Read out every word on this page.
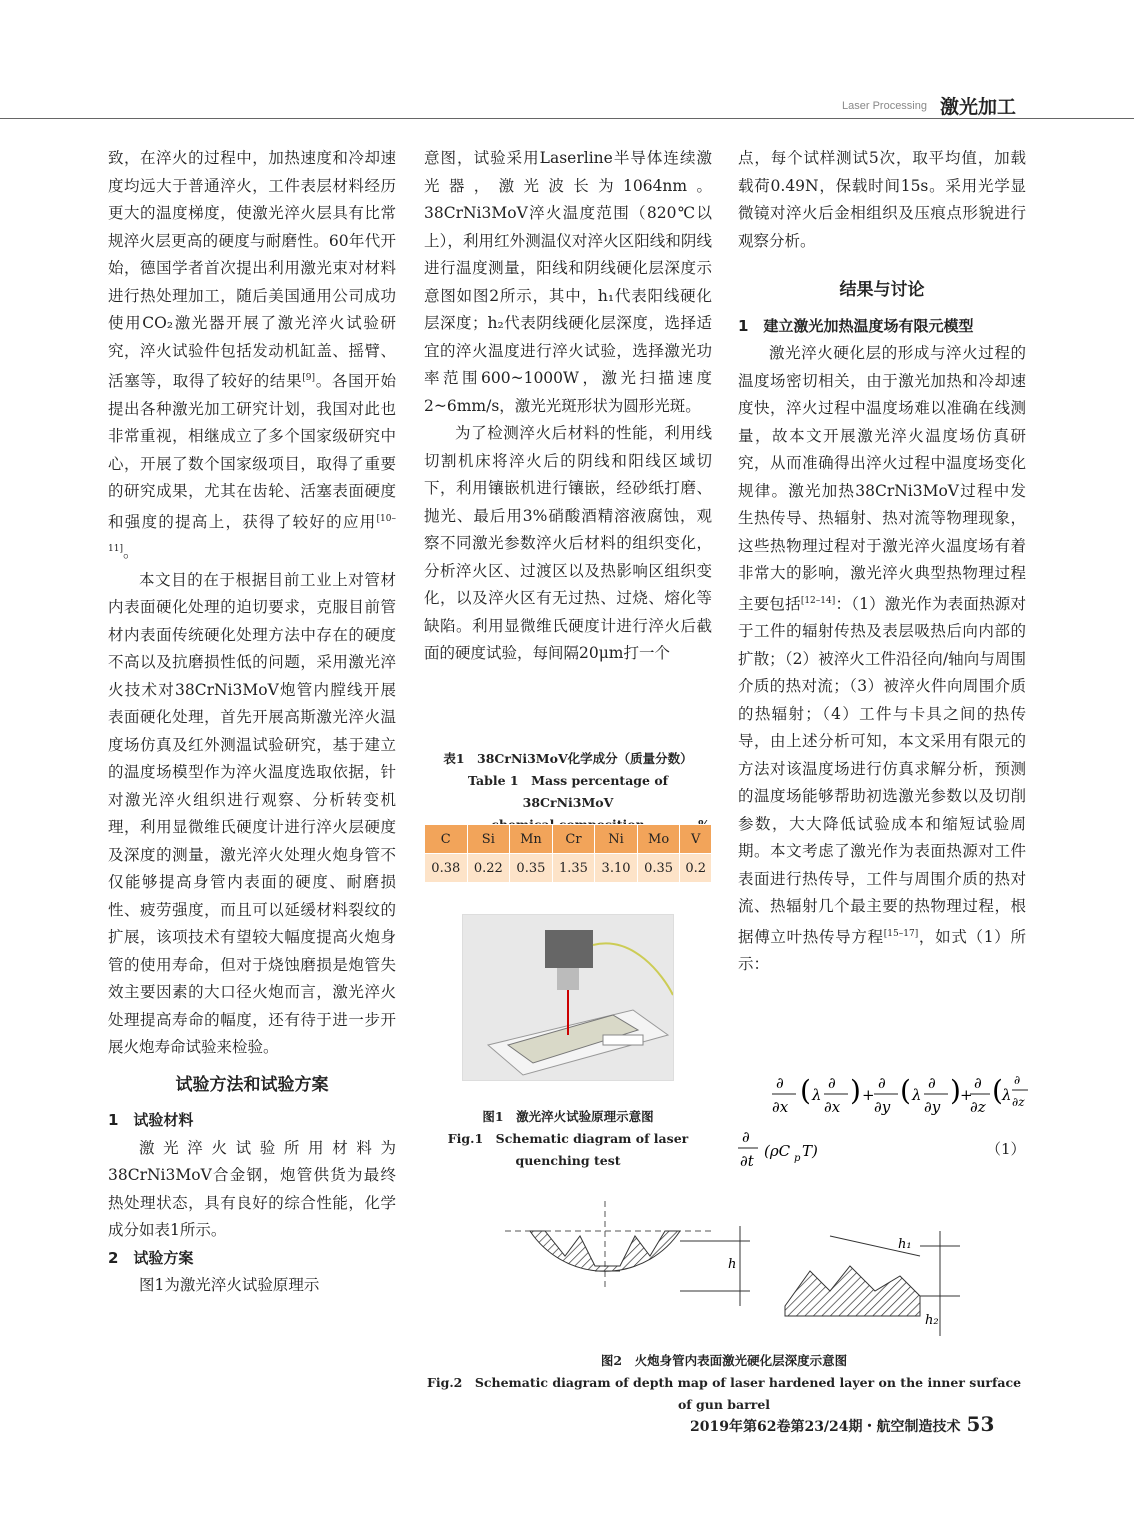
Laser Processing 激光加工

致，在淬火的过程中，加热速度和冷却速度均远大于普通淬火，工件表层材料经历更大的温度梯度，使激光淬火层具有比常规淬火层更高的硬度与耐磨性。60年代开始，德国学者首次提出利用激光束对材料进行热处理加工，随后美国通用公司成功使用CO₂激光器开展了激光淬火试验研究，淬火试验件包括发动机缸盖、摇臂、活塞等，取得了较好的结果[9]。各国开始提出各种激光加工研究计划，我国对此也非常重视，相继成立了多个国家级研究中心，开展了数个国家级项目，取得了重要的研究成果，尤其在齿轮、活塞表面硬度和强度的提高上，获得了较好的应用[10–11]。

本文目的在于根据目前工业上对管材内表面硬化处理的迫切要求，克服目前管材内表面传统硬化处理方法中存在的硬度不高以及抗磨损性低的问题，采用激光淬火技术对38CrNi3MoV炮管内膛线开展表面硬化处理，首先开展高斯激光淬火温度场仿真及红外测温试验研究，基于建立的温度场模型作为淬火温度选取依据，针对激光淬火组织进行观察、分析转变机理，利用显微维氏硬度计进行淬火层硬度及深度的测量，激光淬火处理火炮身管不仅能够提高身管内表面的硬度、耐磨损性、疲劳强度，而且可以延缓材料裂纹的扩展，该项技术有望较大幅度提高火炮身管的使用寿命，但对于烧蚀磨损是炮管失效主要因素的大口径火炮而言，激光淬火处理提高寿命的幅度，还有待于进一步开展火炮寿命试验来检验。

试验方法和试验方案
1　试验材料

激光淬火试验所用材料为38CrNi3MoV合金钢，炮管供货为最终热处理状态，具有良好的综合性能，化学成分如表1所示。

2　试验方案

图1为激光淬火试验原理示

意图，试验采用Laserline半导体连续激光器，激光波长为1064nm。38CrNi3MoV淬火温度范围（820℃以上），利用红外测温仪对淬火区阳线和阴线进行温度测量，阳线和阴线硬化层深度示意图如图2所示，其中，h₁代表阳线硬化层深度；h₂代表阴线硬化层深度，选择适宜的淬火温度进行淬火试验，选择激光功率范围600~1000W，激光扫描速度2~6mm/s，激光光斑形状为圆形光斑。

为了检测淬火后材料的性能，利用线切割机床将淬火后的阴线和阳线区域切下，利用镶嵌机进行镶嵌，经砂纸打磨、抛光、最后用3%硝酸酒精溶液腐蚀，观察不同激光参数淬火后材料的组织变化，分析淬火区、过渡区以及热影响区组织变化，以及淬火区有无过热、过烧、熔化等缺陷。利用显微维氏硬度计进行淬火后截面的硬度试验，每间隔20μm打一个

表1　38CrNi3MoV化学成分（质量分数）
Table 1　Mass percentage of 38CrNi3MoV
C	Si	Mn	Cr	Ni	Mo	V
0.38	0.22	0.35	1.35	3.10	0.35	0.2
图1　激光淬火试验原理示意图
Fig.1　Schematic diagram of laser
quenching test

点，每个试样测试5次，取平均值，加载载荷0.49N，保载时间15s。采用光学显微镜对淬火后金相组织及压痕点形貌进行观察分析。

结果与讨论
1　建立激光加热温度场有限元模型

激光淬火硬化层的形成与淬火过程的温度场密切相关，由于激光加热和冷却速度快，淬火过程中温度场难以准确在线测量，故本文开展激光淬火温度场仿真研究，从而准确得出淬火过程中温度场变化规律。激光加热38CrNi3MoV过程中发生热传导、热辐射、热对流等物理现象，这些热物理过程对于激光淬火温度场有着非常大的影响，激光淬火典型热物理过程主要包括[12–14]：（1）激光作为表面热源对于工件的辐射传热及表层吸热后向内部的扩散；（2）被淬火工件沿径向/轴向与周围介质的热对流；（3）被淬火件向周围介质的热辐射；（4）工件与卡具之间的热传导，由上述分析可知，本文采用有限元的方法对该温度场进行仿真求解分析，预测的温度场能够帮助初选激光参数以及切削参数，大大降低试验成本和缩短试验周期。本文考虑了激光作为表面热源对工件表面进行热传导，工件与周围介质的热对流、热辐射几个最主要的热物理过程，根据傅立叶热传导方程[15–17]，如式（1）所示：

∂
∂x ( λ
∂
∂x ) +
∂
∂y ( λ
∂
∂y ) +
∂
∂z ( λ
∂
∂z
∂
∂t
(ρC p T)	（1）
h
h₁
h₂
图2　火炮身管内表面激光硬化层深度示意图
Fig.2　Schematic diagram of depth map of laser hardened layer on the inner surface of gun barrel
2019年第62卷第23/24期・航空制造技术 53
